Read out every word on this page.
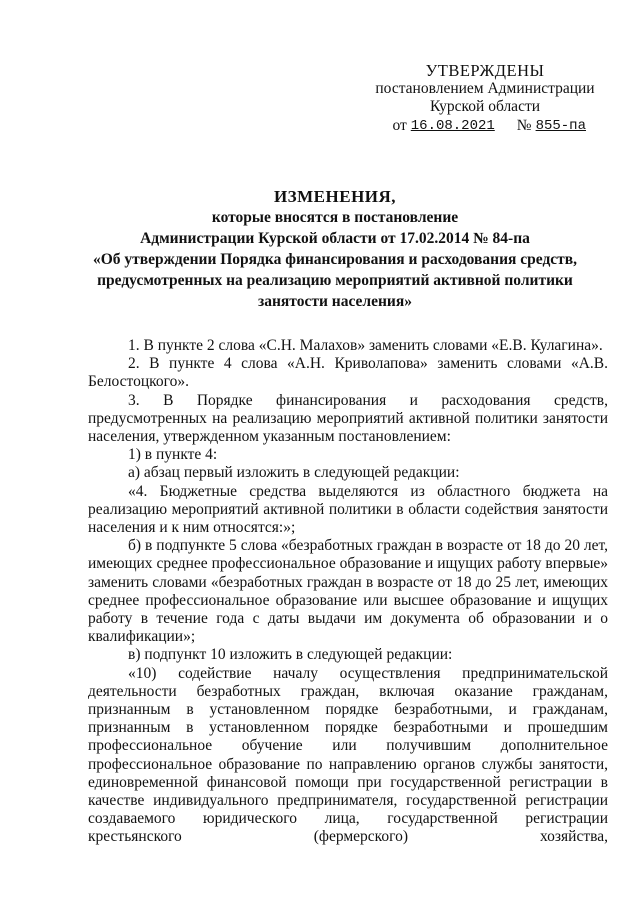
УТВЕРЖДЕНЫ
постановлением Администрации
Курской области
от 16.08.2021	№ 855-па
ИЗМЕНЕНИЯ,
которые вносятся в постановление
Администрации Курской области от 17.02.2014 № 84-па
«Об утверждении Порядка финансирования и расходования средств,
предусмотренных на реализацию мероприятий активной политики
занятости населения»

1. В пункте 2 слова «С.Н. Малахов» заменить словами «Е.В. Кулагина».

2. В пункте 4 слова «А.Н. Криволапова» заменить словами «А.В. Белостоцкого».

3. В Порядке финансирования и расходования средств, предусмотренных на реализацию мероприятий активной политики занятости населения, утвержденном указанным постановлением:

1) в пункте 4:

а) абзац первый изложить в следующей редакции:

«4. Бюджетные средства выделяются из областного бюджета на реализацию мероприятий активной политики в области содействия занятости населения и к ним относятся:»;

б) в подпункте 5 слова «безработных граждан в возрасте от 18 до 20 лет, имеющих среднее профессиональное образование и ищущих работу впервые» заменить словами «безработных граждан в возрасте от 18 до 25 лет, имеющих среднее профессиональное образование или высшее образование и ищущих работу в течение года с даты выдачи им документа об образовании и о квалификации»;

в) подпункт 10 изложить в следующей редакции:

«10) содействие началу осуществления предпринимательской деятельности безработных граждан, включая оказание гражданам, признанным в установленном порядке безработными, и гражданам, признанным в установленном порядке безработными и прошедшим профессиональное обучение или получившим дополнительное профессиональное образование по направлению органов службы занятости, единовременной финансовой помощи при государственной регистрации в качестве индивидуального предпринимателя, государственной регистрации создаваемого юридического лица, государственной регистрации крестьянского (фермерского) хозяйства,
